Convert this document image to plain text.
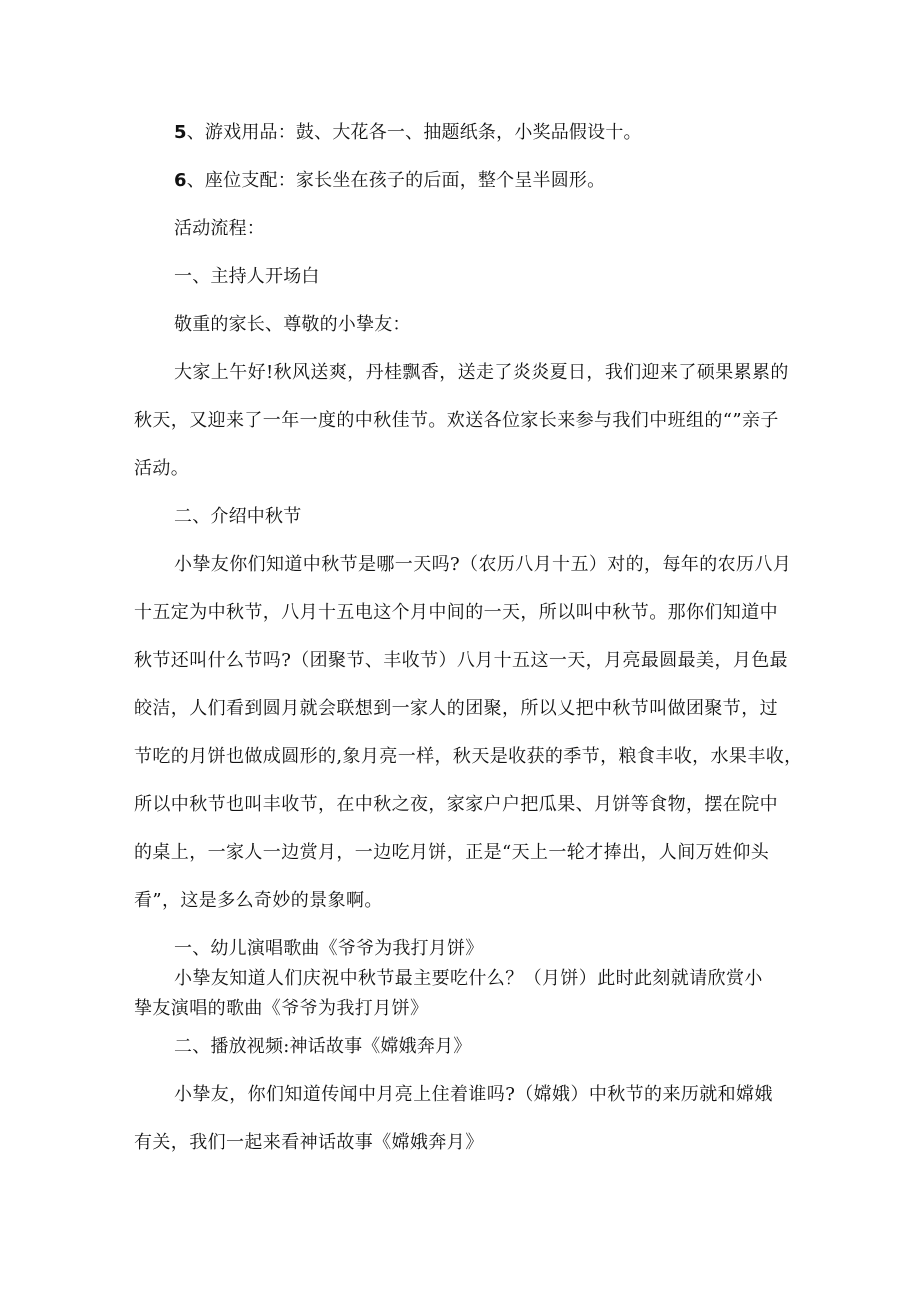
5、游戏用品：鼓、大花各一、抽题纸条，小奖品假设十。
6、座位支配：家长坐在孩子的后面，整个呈半圆形。
活动流程：
一、主持人开场白
敬重的家长、尊敬的小挚友：
大家上午好!秋风送爽，丹桂飘香，送走了炎炎夏日，我们迎来了硕果累累的
秋天，又迎来了一年一度的中秋佳节。欢送各位家长来参与我们中班组的“”亲子
活动。
二、介绍中秋节
小挚友你们知道中秋节是哪一天吗?（农历八月十五）对的，每年的农历八月
十五定为中秋节，八月十五电这个月中间的一天，所以叫中秋节。那你们知道中
秋节还叫什么节吗?（团聚节、丰收节）八月十五这一天，月亮最圆最美，月色最
皎洁，人们看到圆月就会联想到一家人的团聚，所以乂把中秋节叫做团聚节，过
节吃的月饼也做成圆形的,象月亮一样，秋天是收获的季节，粮食丰收，水果丰收，
所以中秋节也叫丰收节，在中秋之夜，家家户户把瓜果、月饼等食物，摆在院中
的桌上，一家人一边赏月，一边吃月饼，正是“天上一轮才捧出，人间万姓仰头
看”，这是多么奇妙的景象啊。
一、幼儿演唱歌曲《爷爷为我打月饼》
小挚友知道人们庆祝中秋节最主要吃什么？（月饼）此时此刻就请欣赏小
挚友演唱的歌曲《爷爷为我打月饼》
二、播放视频:神话故事《嫦娥奔月》
小挚友，你们知道传闻中月亮上住着谁吗?（嫦娥）中秋节的来历就和嫦娥
有关，我们一起来看神话故事《嫦娥奔月》
